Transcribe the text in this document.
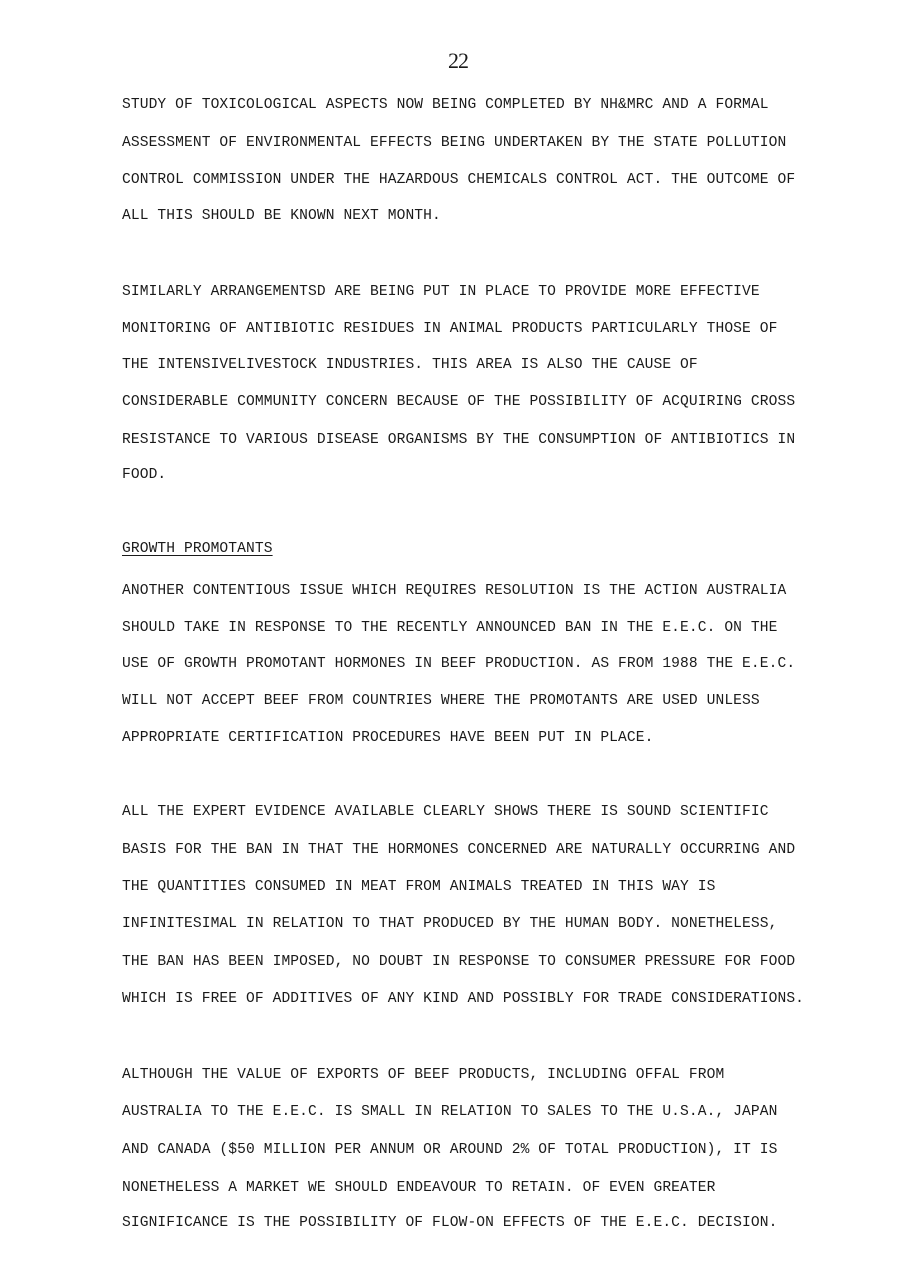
22
STUDY OF TOXICOLOGICAL ASPECTS NOW BEING COMPLETED BY NH&MRC AND A FORMAL
ASSESSMENT OF ENVIRONMENTAL EFFECTS BEING UNDERTAKEN BY THE STATE POLLUTION
CONTROL COMMISSION UNDER THE HAZARDOUS CHEMICALS CONTROL ACT. THE OUTCOME OF
ALL THIS SHOULD BE KNOWN NEXT MONTH.
SIMILARLY ARRANGEMENTSD ARE BEING PUT IN PLACE TO PROVIDE MORE EFFECTIVE
MONITORING OF ANTIBIOTIC RESIDUES IN ANIMAL PRODUCTS PARTICULARLY THOSE OF
THE INTENSIVELIVESTOCK INDUSTRIES. THIS AREA IS ALSO THE CAUSE OF
CONSIDERABLE COMMUNITY CONCERN BECAUSE OF THE POSSIBILITY OF ACQUIRING CROSS
RESISTANCE TO VARIOUS DISEASE ORGANISMS BY THE CONSUMPTION OF ANTIBIOTICS IN
FOOD.
GROWTH PROMOTANTS
ANOTHER CONTENTIOUS ISSUE WHICH REQUIRES RESOLUTION IS THE ACTION AUSTRALIA
SHOULD TAKE IN RESPONSE TO THE RECENTLY ANNOUNCED BAN IN THE E.E.C. ON THE
USE OF GROWTH PROMOTANT HORMONES IN BEEF PRODUCTION. AS FROM 1988 THE E.E.C.
WILL NOT ACCEPT BEEF FROM COUNTRIES WHERE THE PROMOTANTS ARE USED UNLESS
APPROPRIATE CERTIFICATION PROCEDURES HAVE BEEN PUT IN PLACE.
ALL THE EXPERT EVIDENCE AVAILABLE CLEARLY SHOWS THERE IS SOUND SCIENTIFIC
BASIS FOR THE BAN IN THAT THE HORMONES CONCERNED ARE NATURALLY OCCURRING AND
THE QUANTITIES CONSUMED IN MEAT FROM ANIMALS TREATED IN THIS WAY IS
INFINITESIMAL IN RELATION TO THAT PRODUCED BY THE HUMAN BODY. NONETHELESS,
THE BAN HAS BEEN IMPOSED, NO DOUBT IN RESPONSE TO CONSUMER PRESSURE FOR FOOD
WHICH IS FREE OF ADDITIVES OF ANY KIND AND POSSIBLY FOR TRADE CONSIDERATIONS.
ALTHOUGH THE VALUE OF EXPORTS OF BEEF PRODUCTS, INCLUDING OFFAL FROM
AUSTRALIA TO THE E.E.C. IS SMALL IN RELATION TO SALES TO THE U.S.A., JAPAN
AND CANADA ($50 MILLION PER ANNUM OR AROUND 2% OF TOTAL PRODUCTION), IT IS
NONETHELESS A MARKET WE SHOULD ENDEAVOUR TO RETAIN. OF EVEN GREATER
SIGNIFICANCE IS THE POSSIBILITY OF FLOW-ON EFFECTS OF THE E.E.C. DECISION.
